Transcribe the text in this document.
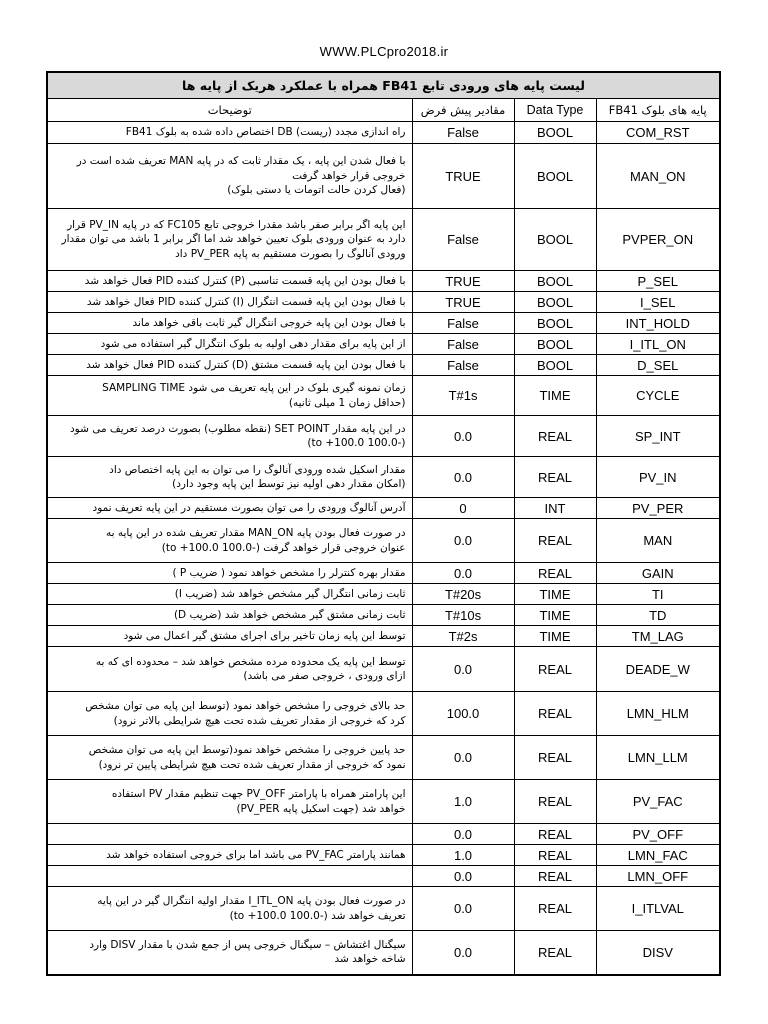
WWW.PLCpro2018.ir
لیست پایه های ورودی تابع FB41 همراه با عملکرد هریک از پایه ها			
پایه های بلوک FB41	Data Type	مقادیر پیش فرض	توضیحات
COM_RST	BOOL	False	راه اندازی مجدد (ریست) DB اختصاص داده شده به بلوک FB41
MAN_ON	BOOL	TRUE	با فعال شدن این پایه ، یک مقدار ثابت که در پایه MAN تعریف شده است در
خروجی قرار خواهد گرفت
(فعال کردن حالت اتومات یا دستی بلوک)
PVPER_ON	BOOL	False	این پایه اگر برابر صفر باشد مقدرا خروجی تابع FC105 که در پایه PV_IN قرار
دارد به عنوان ورودی بلوک تعیین خواهد شد اما اگر برابر 1 باشد می توان مقدار
ورودی آنالوگ را بصورت مستقیم به پایه PV_PER داد
P_SEL	BOOL	TRUE	با فعال بودن این پایه قسمت تناسبی (P) کنترل کننده PID فعال خواهد شد
I_SEL	BOOL	TRUE	با فعال بودن این پایه قسمت انتگرال (I) کنترل کننده PID فعال خواهد شد
INT_HOLD	BOOL	False	با فعال بودن این پایه خروجی انتگرال گیر ثابت باقی خواهد ماند
I_ITL_ON	BOOL	False	از این پایه برای مقدار دهی اولیه به بلوک انتگرال گیر استفاده می شود
D_SEL	BOOL	False	با فعال بودن این پایه قسمت مشتق (D) کنترل کننده PID فعال خواهد شد
CYCLE	TIME	T#1s	زمان نمونه گیری بلوک در این پایه تعریف می شود SAMPLING TIME
(حداقل زمان 1 میلی ثانیه)
SP_INT	REAL	0.0	در این پایه مقدار SET POINT (نقطه مطلوب) بصورت درصد تعریف می شود
(-100.0 to +100.0)
PV_IN	REAL	0.0	مقدار اسکیل شده ورودی آنالوگ را می توان به این پایه اختصاص داد
(امکان مقدار دهی اولیه نیز توسط این پایه وجود دارد)
PV_PER	INT	0	آدرس آنالوگ ورودی را می توان بصورت مستقیم در این پایه تعریف نمود
MAN	REAL	0.0	در صورت فعال بودن پایه MAN_ON مقدار تعریف شده در این پایه به
عنوان خروجی قرار خواهد گرفت (-100.0 to +100.0)
GAIN	REAL	0.0	مقدار بهره کنترلر را مشخص خواهد نمود ( ضریب P )
TI	TIME	T#20s	ثابت زمانی انتگرال گیر مشخص خواهد شد (ضریب I)
TD	TIME	T#10s	ثابت زمانی مشتق گیر مشخص خواهد شد (ضریب D)
TM_LAG	TIME	T#2s	توسط این پایه زمان تاخیر برای اجرای مشتق گیر اعمال می شود
DEADE_W	REAL	0.0	توسط این پایه یک محدوده مرده مشخص خواهد شد – محدوده ای که به
ازای ورودی ، خروجی صفر می باشد)
LMN_HLM	REAL	100.0	حد بالای خروجی را مشخص خواهد نمود (توسط این پایه می توان مشخص
کرد که خروجی از مقدار تعریف شده تحت هیچ شرایطی بالاتر نرود)
LMN_LLM	REAL	0.0	حد پایین خروجی را مشخص خواهد نمود(توسط این پایه می توان مشخص
نمود که خروجی از مقدار تعریف شده تحت هیچ شرایطی پایین تر نرود)
PV_FAC	REAL	1.0	این پارامتر همراه با پارامتر PV_OFF جهت تنظیم مقدار PV استفاده
خواهد شد (جهت اسکیل پایه PV_PER)
PV_OFF	REAL	0.0	
LMN_FAC	REAL	1.0	همانند پارامتر PV_FAC می باشد اما برای خروجی استفاده خواهد شد
LMN_OFF	REAL	0.0	
I_ITLVAL	REAL	0.0	در صورت فعال بودن پایه I_ITL_ON مقدار اولیه انتگرال گیر در این پایه
تعریف خواهد شد (-100.0 to +100.0)
DISV	REAL	0.0	سیگنال اغتشاش – سیگنال خروجی پس از جمع شدن با مقدار DISV وارد
شاخه خواهد شد
